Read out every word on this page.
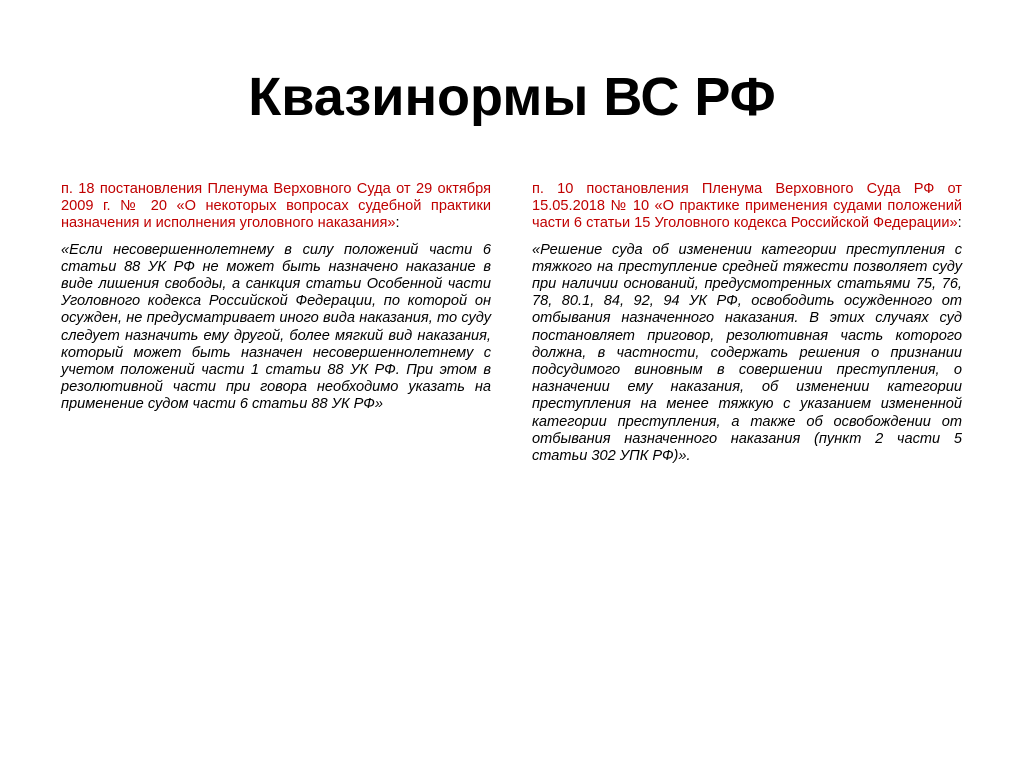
Квазинормы ВС РФ

п. 18 постановления Пленума Верховного Суда от 29 октября 2009 г. № 20 «О некоторых вопросах судебной практики назначения и исполнения уголовного наказания»:

«Если несовершеннолетнему в силу положений части 6 статьи 88 УК РФ не может быть назначено наказание в виде лишения свободы, а санкция статьи Особенной части Уголовного кодекса Российской Федерации, по которой он осужден, не предусматривает иного вида наказания, то суду следует назначить ему другой, более мягкий вид наказания, который может быть назначен несовершеннолетнему с учетом положений части 1 статьи 88 УК РФ. При этом в резолютивной части при говора необходимо указать на применение судом части 6 статьи 88 УК РФ»

п. 10 постановления Пленума Верховного Суда РФ от 15.05.2018 № 10 «О практике применения судами положений части 6 статьи 15 Уголовного кодекса Российской Федерации»:

«Решение суда об изменении категории преступления с тяжкого на преступление средней тяжести позволяет суду при наличии оснований, предусмотренных статьями 75, 76, 78, 80.1, 84, 92, 94 УК РФ, освободить осужденного от отбывания назначенного наказания. В этих случаях суд постановляет приговор, резолютивная часть которого должна, в частности, содержать решения о признании подсудимого виновным в совершении преступления, о назначении ему наказания, об изменении категории преступления на менее тяжкую с указанием измененной категории преступления, а также об освобождении от отбывания назначенного наказания (пункт 2 части 5 статьи 302 УПК РФ)».
